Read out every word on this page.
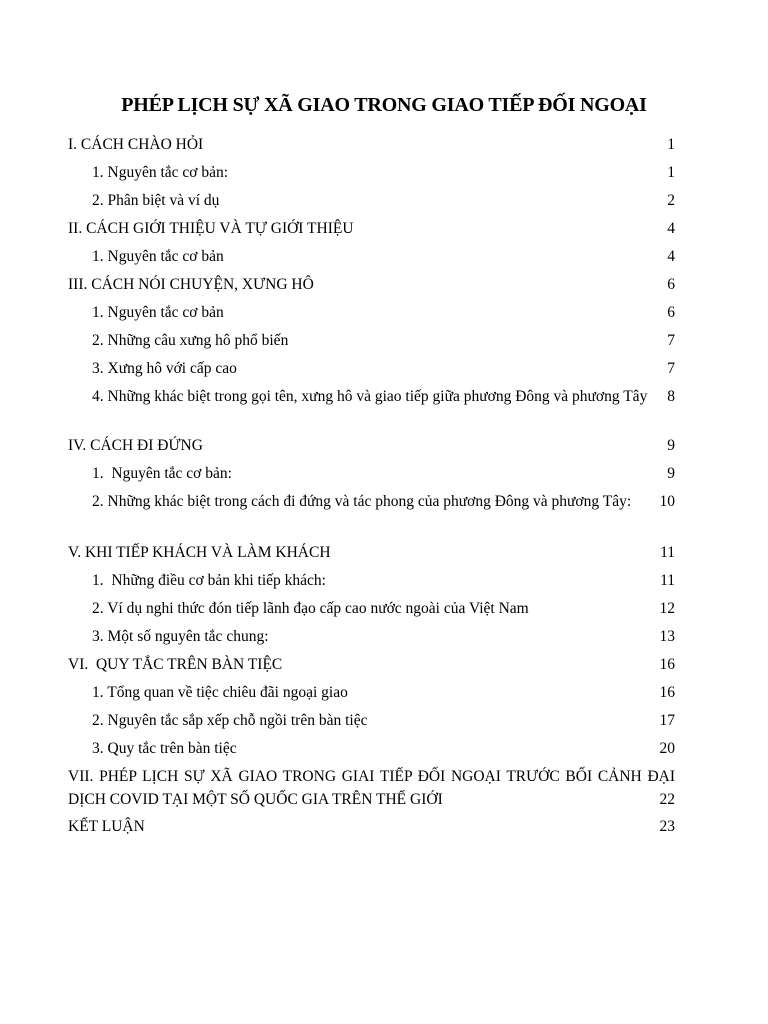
PHÉP LỊCH SỰ XÃ GIAO TRONG GIAO TIẾP ĐỐI NGOẠI
I. CÁCH CHÀO HỎI	1
1. Nguyên tắc cơ bản:	1
2. Phân biệt và ví dụ	2
II. CÁCH GIỚI THIỆU VÀ TỰ GIỚI THIỆU	4
1. Nguyên tắc cơ bản	4
III. CÁCH NÓI CHUYỆN, XƯNG HÔ	6
1. Nguyên tắc cơ bản	6
2. Những câu xưng hô phổ biến	7
3. Xưng hô với cấp cao	7
4. Những khác biệt trong gọi tên, xưng hô và giao tiếp giữa phương Đông và phương Tây	8
IV. CÁCH ĐI ĐỨNG	9
1.  Nguyên tắc cơ bản:	9
2. Những khác biệt trong cách đi đứng và tác phong của phương Đông và phương Tây:	10
V. KHI TIẾP KHÁCH VÀ LÀM KHÁCH	11
1.  Những điều cơ bản khi tiếp khách:	11
2. Ví dụ nghi thức đón tiếp lãnh đạo cấp cao nước ngoài của Việt Nam	12
3. Một số nguyên tắc chung:	13
VI.  QUY TẮC TRÊN BÀN TIỆC	16
1. Tổng quan về tiệc chiêu đãi ngoại giao	16
2. Nguyên tắc sắp xếp chỗ ngồi trên bàn tiệc	17
3. Quy tắc trên bàn tiệc	20
VII. PHÉP LỊCH SỰ XÃ GIAO TRONG GIAI TIẾP ĐỐI NGOẠI TRƯỚC BỐI CẢNH ĐẠI DỊCH COVID TẠI MỘT SỐ QUỐC GIA TRÊN THẾ GIỚI	22
KẾT LUẬN	23
